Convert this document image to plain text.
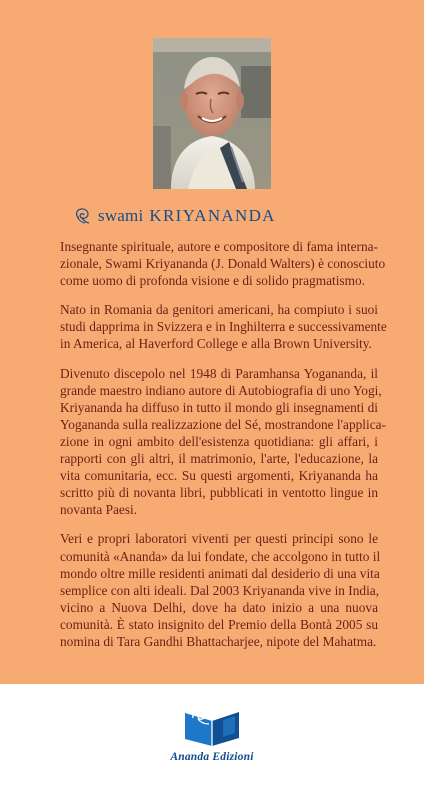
swami KRIYANANDA
Insegnante spirituale, autore e compositore di fama interna-
zionale, Swami Kriyananda (J. Donald Walters) è conosciuto
come uomo di profonda visione e di solido pragmatismo.
Nato in Romania da genitori americani, ha compiuto i suoi
studi dapprima in Svizzera e in Inghilterra e successivamente
in America, al Haverford College e alla Brown University.
Divenuto discepolo nel 1948 di Paramhansa Yogananda, il
grande maestro indiano autore di Autobiografia di uno Yogi,
Kriyananda ha diffuso in tutto il mondo gli insegnamenti di
Yogananda sulla realizzazione del Sé, mostrandone l'applica-
zione in ogni ambito dell'esistenza quotidiana: gli affari, i
rapporti con gli altri, il matrimonio, l'arte, l'educazione, la
vita comunitaria, ecc. Su questi argomenti, Kriyananda ha
scritto più di novanta libri, pubblicati in ventotto lingue in
novanta Paesi.
Veri e propri laboratori viventi per questi principi sono le
comunità «Ananda» da lui fondate, che accolgono in tutto il
mondo oltre mille residenti animati dal desiderio di una vita
semplice con alti ideali. Dal 2003 Kriyananda vive in India,
vicino a Nuova Delhi, dove ha dato inizio a una nuova
comunità. È stato insignito del Premio della Bontà 2005 su
nomina di Tara Gandhi Bhattacharjee, nipote del Mahatma.
Ananda Edizioni
